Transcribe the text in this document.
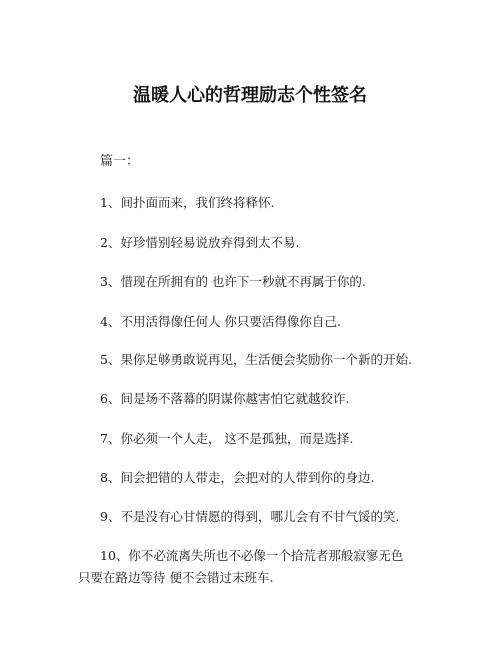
温暖人心的哲理励志个性签名
篇一：
1、间扑面而来，我们终将释怀.
2、好珍惜别轻易说放弃得到太不易.
3、惜现在所拥有的 也许下一秒就不再属于你的.
4、不用活得像任何人 你只要活得像你自己.
5、果你足够勇敢说再见，生活便会奖励你一个新的开始.
6、间是场不落幕的阴谋你越害怕它就越狡诈.
7、你必须一个人走， 这不是孤独，而是选择.
8、间会把错的人带走，会把对的人带到你的身边.
9、不是没有心甘情愿的得到，哪儿会有不甘气馁的笑.
10、你不必流离失所也不必像一个拾荒者那般寂寥无色
只要在路边等待 便不会错过末班车.
